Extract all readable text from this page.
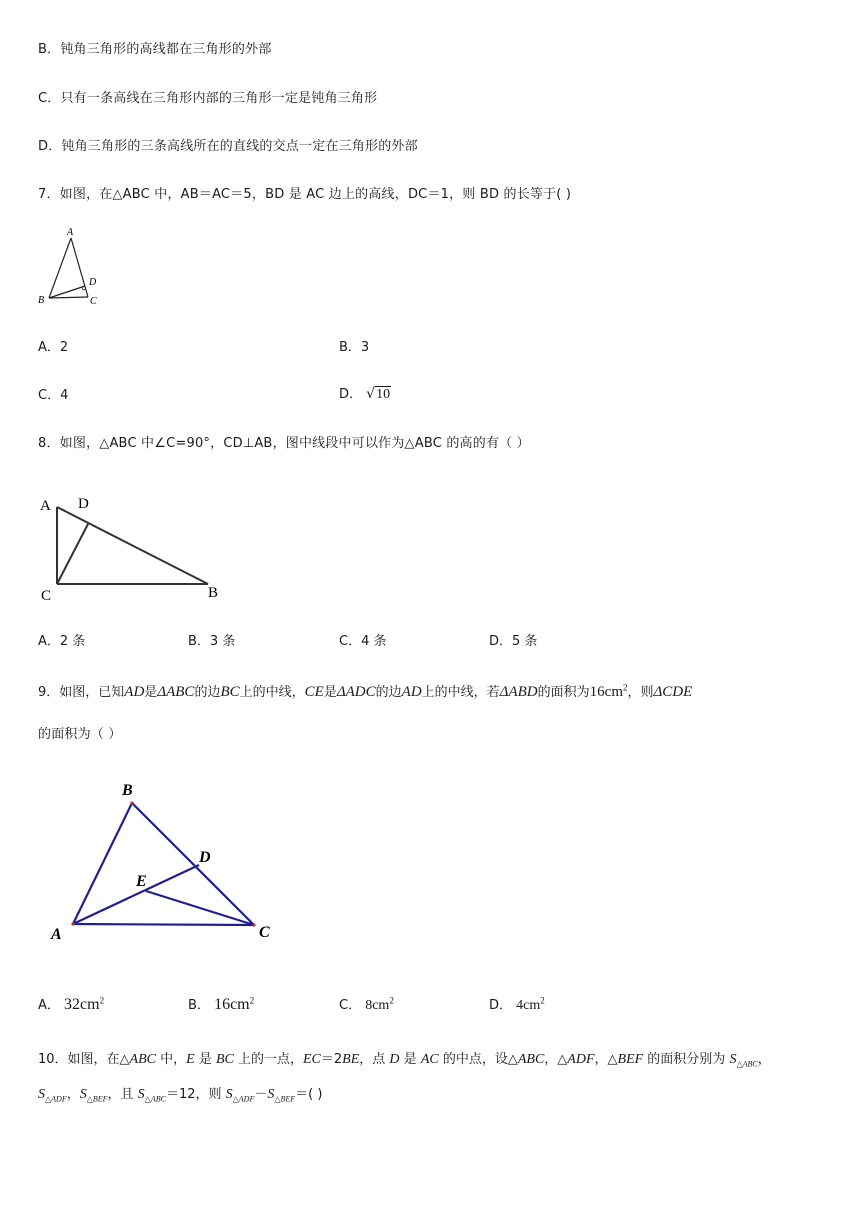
B．钝角三角形的高线都在三角形的外部
C．只有一条高线在三角形内部的三角形一定是钝角三角形
D．钝角三角形的三条高线所在的直线的交点一定在三角形的外部
7．如图，在△ABC 中，AB＝AC＝5，BD 是 AC 边上的高线，DC＝1，则 BD 的长等于( )
A
B	C
D
A．2	B．3
C．4	D． √10
8．如图，△ABC 中∠C=90°，CD⊥AB，图中线段中可以作为△ABC 的高的有（ ）
A D
C	B
A．2 条	B．3 条	C．4 条	D．5 条
9．如图，已知AD是ΔABC的边BC上的中线，CE是ΔADC的边AD上的中线，若ΔABD的面积为$16cm^2$，则ΔCDE
的面积为（ ）
B
D
E
A	C
A． $32cm^2$	B． $16cm^2$	C． $8cm^2$	D． $4cm^2$
10．如图，在△ABC 中，E 是 BC 上的一点，EC＝2BE，点 D 是 AC 的中点，设△ABC，△ADF，△BEF 的面积分别为 $S_{\triangle ABC}$，
$S_{\triangle ADF}$，$S_{\triangle BEF}$，且 $S_{\triangle ABC}=12$，则 $S_{\triangle ADF}-S_{\triangle BEF}=$( )
